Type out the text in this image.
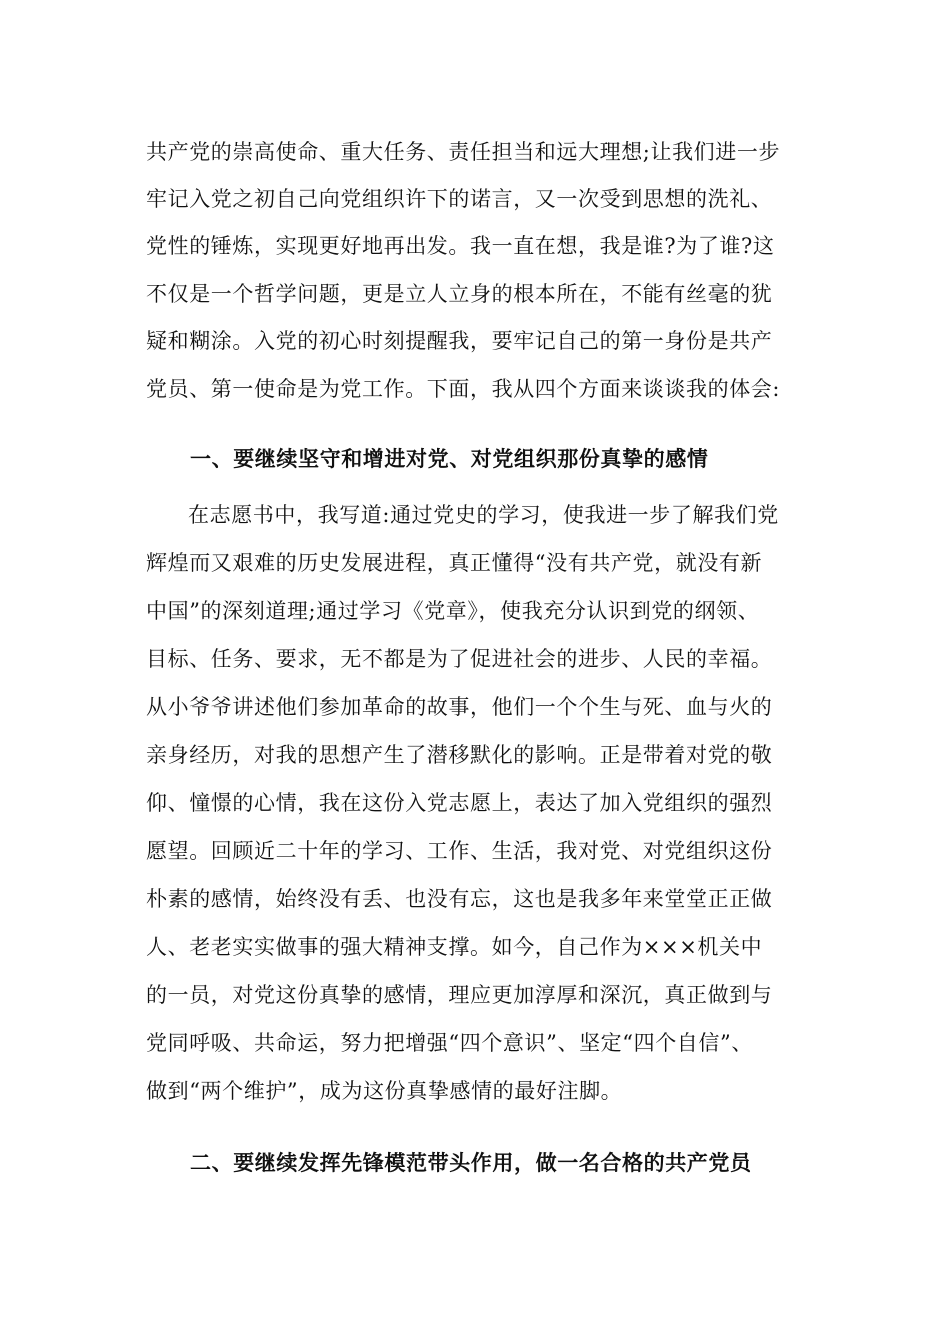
共产党的崇高使命、重大任务、责任担当和远大理想;让我们进一步
牢记入党之初自己向党组织许下的诺言，又一次受到思想的洗礼、
党性的锤炼，实现更好地再出发。我一直在想，我是谁?为了谁?这
不仅是一个哲学问题，更是立人立身的根本所在，不能有丝毫的犹
疑和糊涂。入党的初心时刻提醒我，要牢记自己的第一身份是共产
党员、第一使命是为党工作。下面，我从四个方面来谈谈我的体会:
一、要继续坚守和增进对党、对党组织那份真挚的感情
在志愿书中，我写道:通过党史的学习，使我进一步了解我们党
辉煌而又艰难的历史发展进程，真正懂得“没有共产党，就没有新
中国”的深刻道理;通过学习《党章》，使我充分认识到党的纲领、
目标、任务、要求，无不都是为了促进社会的进步、人民的幸福。
从小爷爷讲述他们参加革命的故事，他们一个个生与死、血与火的
亲身经历，对我的思想产生了潜移默化的影响。正是带着对党的敬
仰、憧憬的心情，我在这份入党志愿上，表达了加入党组织的强烈
愿望。回顾近二十年的学习、工作、生活，我对党、对党组织这份
朴素的感情，始终没有丢、也没有忘，这也是我多年来堂堂正正做
人、老老实实做事的强大精神支撑。如今，自己作为×××机关中
的一员，对党这份真挚的感情，理应更加淳厚和深沉，真正做到与
党同呼吸、共命运，努力把增强“四个意识”、坚定“四个自信”、
做到“两个维护”，成为这份真挚感情的最好注脚。
二、要继续发挥先锋模范带头作用，做一名合格的共产党员
